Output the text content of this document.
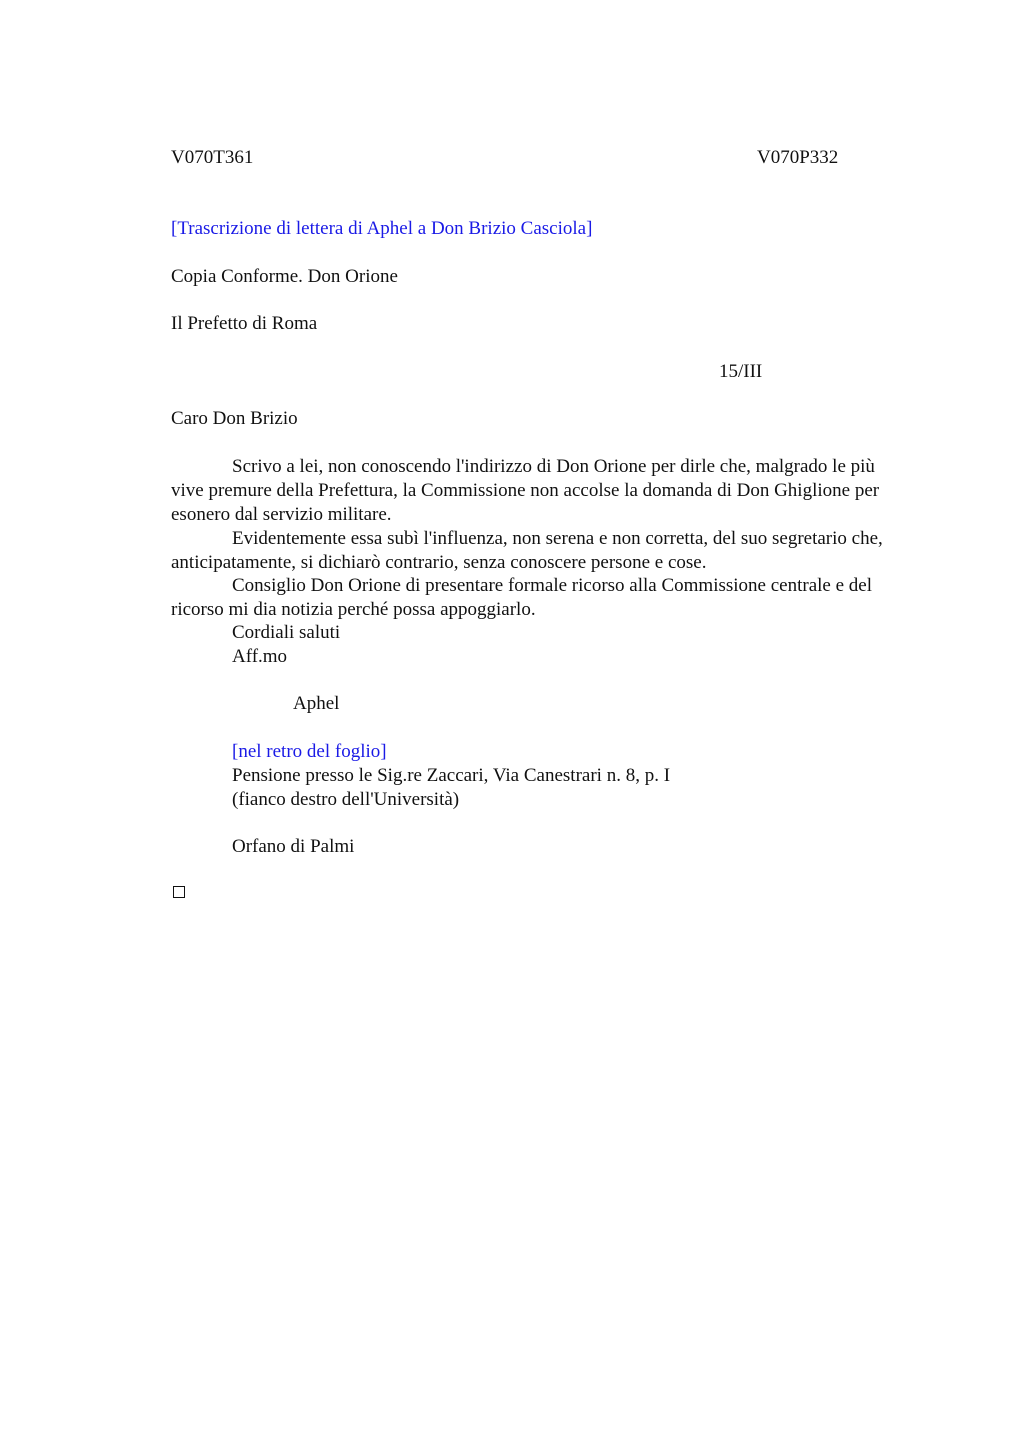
V070T361	V070P332
[Trascrizione di lettera di Aphel a Don Brizio Casciola]
Copia Conforme. Don Orione
Il Prefetto di Roma
15/III
Caro Don Brizio
Scrivo a lei, non conoscendo l'indirizzo di Don Orione per dirle che, malgrado le più vive premure della Prefettura, la Commissione non accolse la domanda di Don Ghiglione per esonero dal servizio militare.
Evidentemente essa subì l'influenza, non serena e non corretta, del suo segretario che, anticipatamente, si dichiarò contrario, senza conoscere persone e cose.
Consiglio Don Orione di presentare formale ricorso alla Commissione centrale e del ricorso mi dia notizia perché possa appoggiarlo.
Cordiali saluti
Aff.mo
Aphel
[nel retro del foglio]
Pensione presso le Sig.re Zaccari, Via Canestrari n. 8, p. I
(fianco destro dell'Università)
Orfano di Palmi
